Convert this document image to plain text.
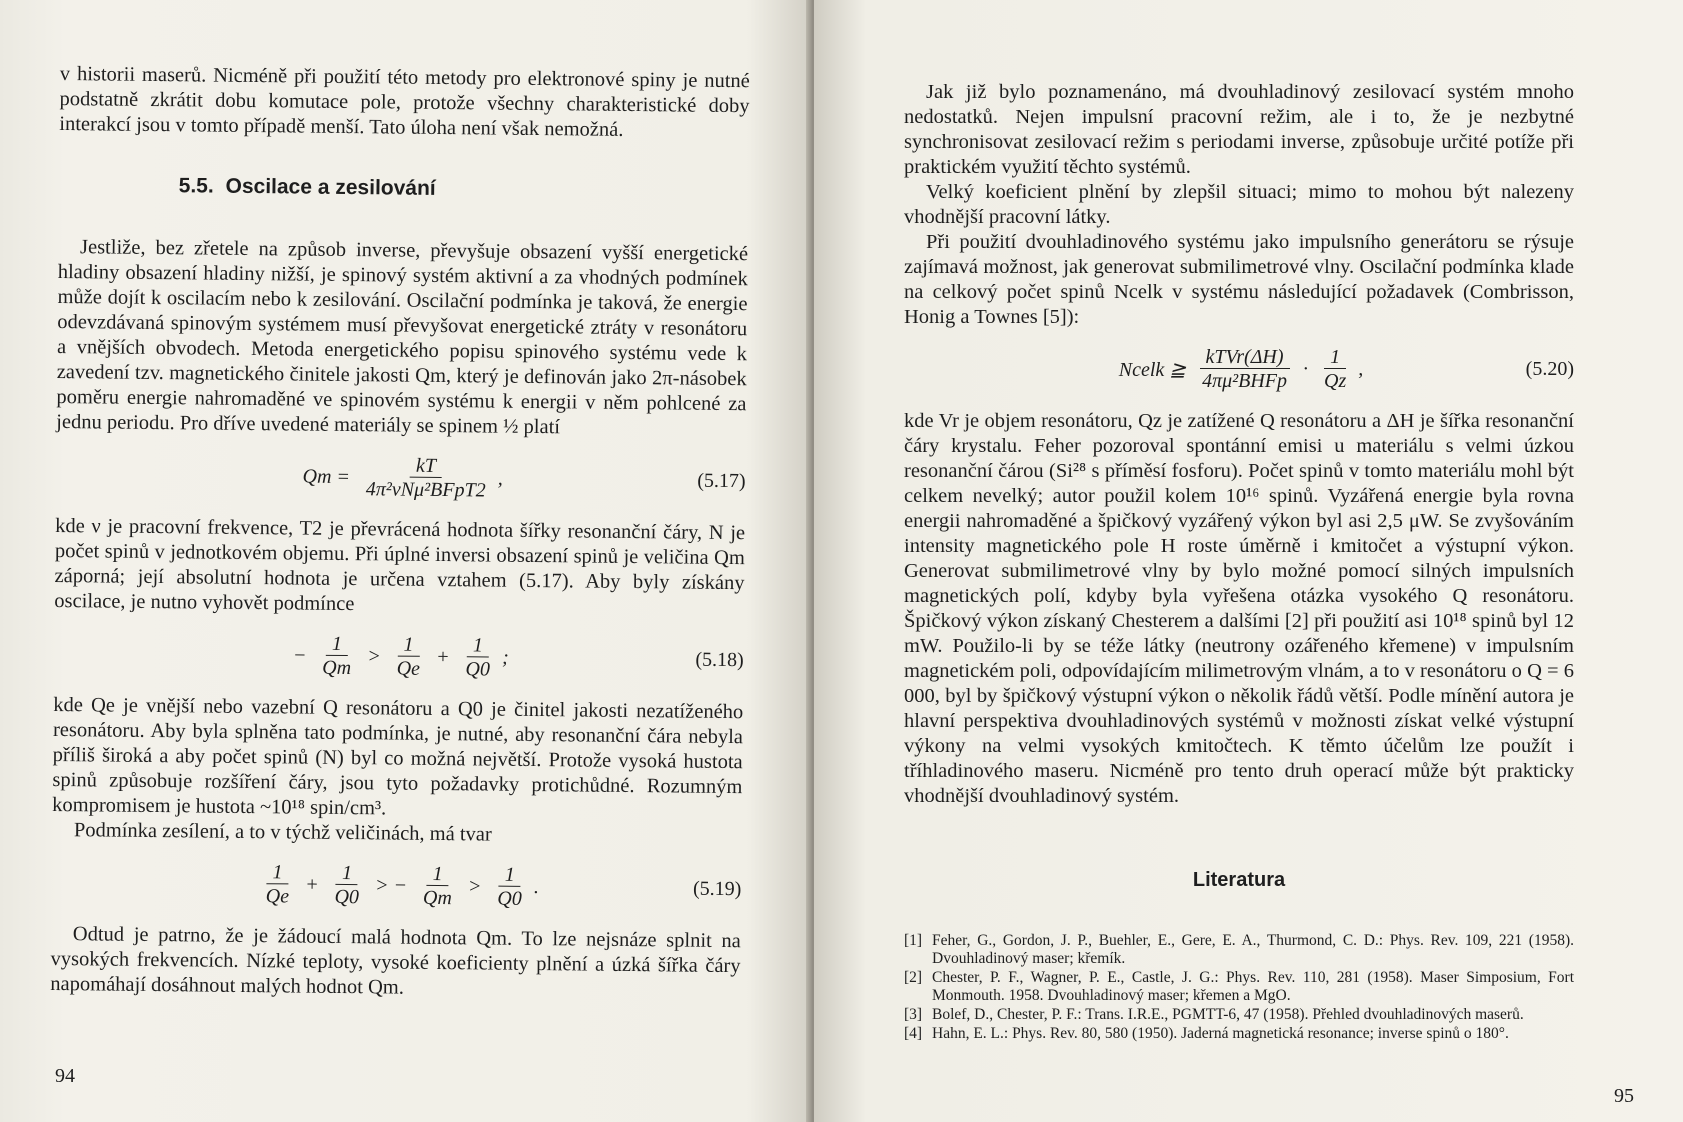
v historii maserů. Nicméně při použití této metody pro elektronové spiny je nutné podstatně zkrátit dobu komutace pole, protože všechny charakteristické doby interakcí jsou v tomto případě menší. Tato úloha není však nemožná.

5.5. Oscilace a zesilování

Jestliže, bez zřetele na způsob inverse, převyšuje obsazení vyšší energetické hladiny obsazení hladiny nižší, je spinový systém aktivní a za vhodných podmínek může dojít k oscilacím nebo k zesilování. Oscilační podmínka je taková, že energie odevzdávaná spinovým systémem musí převyšovat energetické ztráty v resonátoru a vnějších obvodech. Metoda energetického popisu spinového systému vede k zavedení tzv. magnetického činitele jakosti Qm, který je definován jako 2π-násobek poměru energie nahromaděné ve spinovém systému k energii v něm pohlcené za jednu periodu. Pro dříve uvedené materiály se spinem ½ platí

$Qm = \frac{kT}{\text{4π²νNμ²BFpT2}}$ ,	(5.17)

kde ν je pracovní frekvence, T2 je převrácená hodnota šířky resonanční čáry, N je počet spinů v jednotkovém objemu. Při úplné inversi obsazení spinů je veličina Qm záporná; její absolutní hodnota je určena vztahem (5.17). Aby byly získány oscilace, je nutno vyhovět podmínce

− $\frac{1}{Qm} > \frac{1}{Qe} + \frac{1}{Q0}$ ;	(5.18)

kde Qe je vnější nebo vazební Q resonátoru a Q0 je činitel jakosti nezatíženého resonátoru. Aby byla splněna tato podmínka, je nutné, aby resonanční čára nebyla příliš široká a aby počet spinů (N) byl co možná největší. Protože vysoká hustota spinů způsobuje rozšíření čáry, jsou tyto požadavky protichůdné. Rozumným kompromisem je hustota ~10¹⁸ spin/cm³.

Podmínka zesílení, a to v týchž veličinách, má tvar

$\frac{1}{Qe} + \frac{1}{Q0}$ > − $\frac{1}{Qm} > \frac{1}{Q0}$ .	(5.19)

Odtud je patrno, že je žádoucí malá hodnota Qm. To lze nejsnáze splnit na vysokých frekvencích. Nízké teploty, vysoké koeficienty plnění a úzká šířka čáry napomáhají dosáhnout malých hodnot Qm.

94

Jak již bylo poznamenáno, má dvouhladinový zesilovací systém mnoho nedostatků. Nejen impulsní pracovní režim, ale i to, že je nezbytné synchronisovat zesilovací režim s periodami inverse, způsobuje určité potíže při praktickém využití těchto systémů.

Velký koeficient plnění by zlepšil situaci; mimo to mohou být nalezeny vhodnější pracovní látky.

Při použití dvouhladinového systému jako impulsního generátoru se rýsuje zajímavá možnost, jak generovat submilimetrové vlny. Oscilační podmínka klade na celkový počet spinů Ncelk v systému následující požadavek (Combrisson, Honig a Townes [5]):

Ncelk ≧ $\frac{\text{kTVr(ΔH)}}{\text{4πμ²BHFp}} \cdot \frac{1}{Qz}$ ,	(5.20)

kde Vr je objem resonátoru, Qz je zatížené Q resonátoru a ΔH je šířka resonanční čáry krystalu. Feher pozoroval spontánní emisi u materiálu s velmi úzkou resonanční čárou (Si²⁸ s příměsí fosforu). Počet spinů v tomto materiálu mohl být celkem nevelký; autor použil kolem 10¹⁶ spinů. Vyzářená energie byla rovna energii nahromaděné a špičkový vyzářený výkon byl asi 2,5 μW. Se zvyšováním intensity magnetického pole H roste úměrně i kmitočet a výstupní výkon. Generovat submilimetrové vlny by bylo možné pomocí silných impulsních magnetických polí, kdyby byla vyřešena otázka vysokého Q resonátoru. Špičkový výkon získaný Chesterem a dalšími [2] při použití asi 10¹⁸ spinů byl 12 mW. Použilo-li by se téže látky (neutrony ozářeného křemene) v impulsním magnetickém poli, odpovídajícím milimetrovým vlnám, a to v resonátoru o Q = 6 000, byl by špičkový výstupní výkon o několik řádů větší. Podle mínění autora je hlavní perspektiva dvouhladinových systémů v možnosti získat velké výstupní výkony na velmi vysokých kmitočtech. K těmto účelům lze použít i tříhladinového maseru. Nicméně pro tento druh operací může být prakticky vhodnější dvouhladinový systém.

Literatura
[1] Feher, G., Gordon, J. P., Buehler, E., Gere, E. A., Thurmond, C. D.: Phys. Rev. 109, 221 (1958). Dvouhladinový maser; křemík.
[2] Chester, P. F., Wagner, P. E., Castle, J. G.: Phys. Rev. 110, 281 (1958). Maser Simposium, Fort Monmouth. 1958. Dvouhladinový maser; křemen a MgO.
[3] Bolef, D., Chester, P. F.: Trans. I.R.E., PGMTT-6, 47 (1958). Přehled dvouhladinových maserů.
[4] Hahn, E. L.: Phys. Rev. 80, 580 (1950). Jaderná magnetická resonance; inverse spinů o 180°.
95
